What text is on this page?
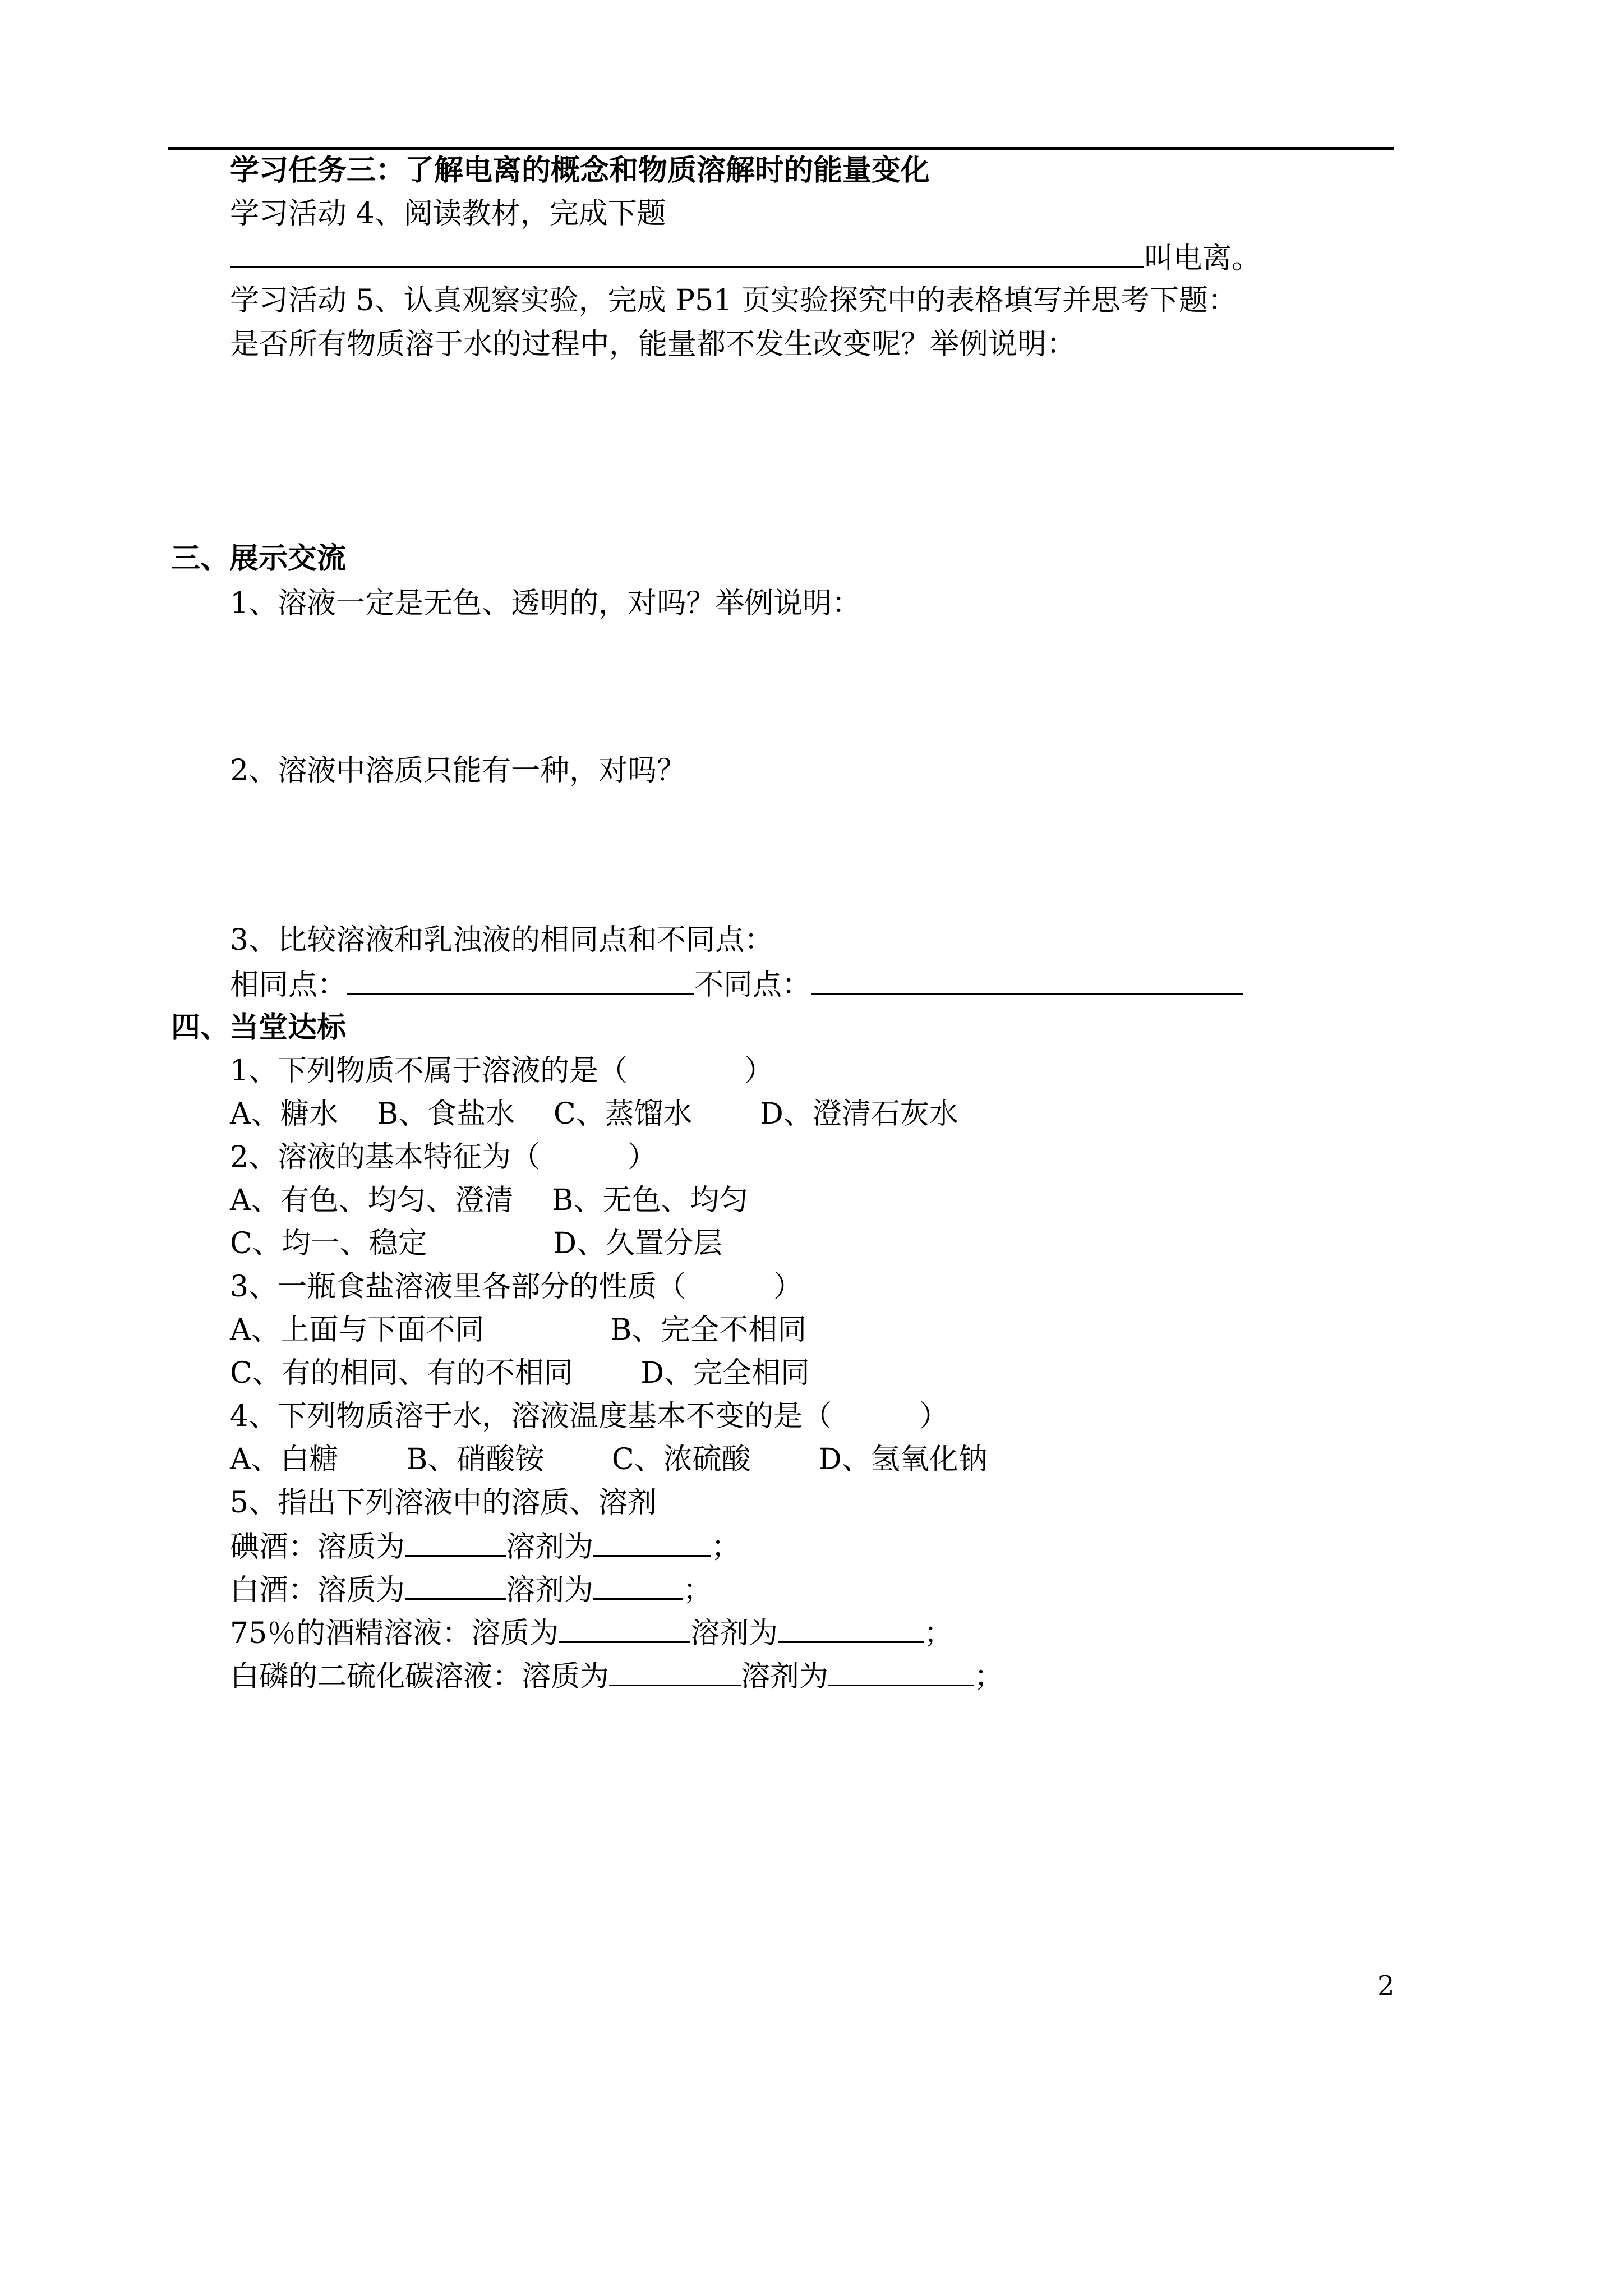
学习任务三：了解电离的概念和物质溶解时的能量变化
学习活动 4、阅读教材，完成下题
叫电离。
学习活动 5、认真观察实验，完成 P51 页实验探究中的表格填写并思考下题：
是否所有物质溶于水的过程中，能量都不发生改变呢？举例说明：
三、展示交流
1、溶液一定是无色、透明的，对吗？举例说明：
2、溶液中溶质只能有一种，对吗？
3、比较溶液和乳浊液的相同点和不同点：
相同点：	不同点：
四、当堂达标
1、下列物质不属于溶液的是（　　　　）
A、糖水　 B、食盐水　 C、蒸馏水　　 D、澄清石灰水
2、溶液的基本特征为（　　　）
A、有色、均匀、澄清　 B、无色、均匀
C、均一、稳定　　　　 D、久置分层
3、一瓶食盐溶液里各部分的性质（　　　）
A、上面与下面不同　　　　 B、完全不相同
C、有的相同、有的不相同　　 D、完全相同
4、下列物质溶于水，溶液温度基本不变的是（　　　）
A、白糖　　 B、硝酸铵　　 C、浓硫酸　　 D、氢氧化钠
5、指出下列溶液中的溶质、溶剂
碘酒：溶质为	溶剂为	；
白酒：溶质为	溶剂为	；
75％的酒精溶液：溶质为	溶剂为	；
白磷的二硫化碳溶液：溶质为	溶剂为	；
2
